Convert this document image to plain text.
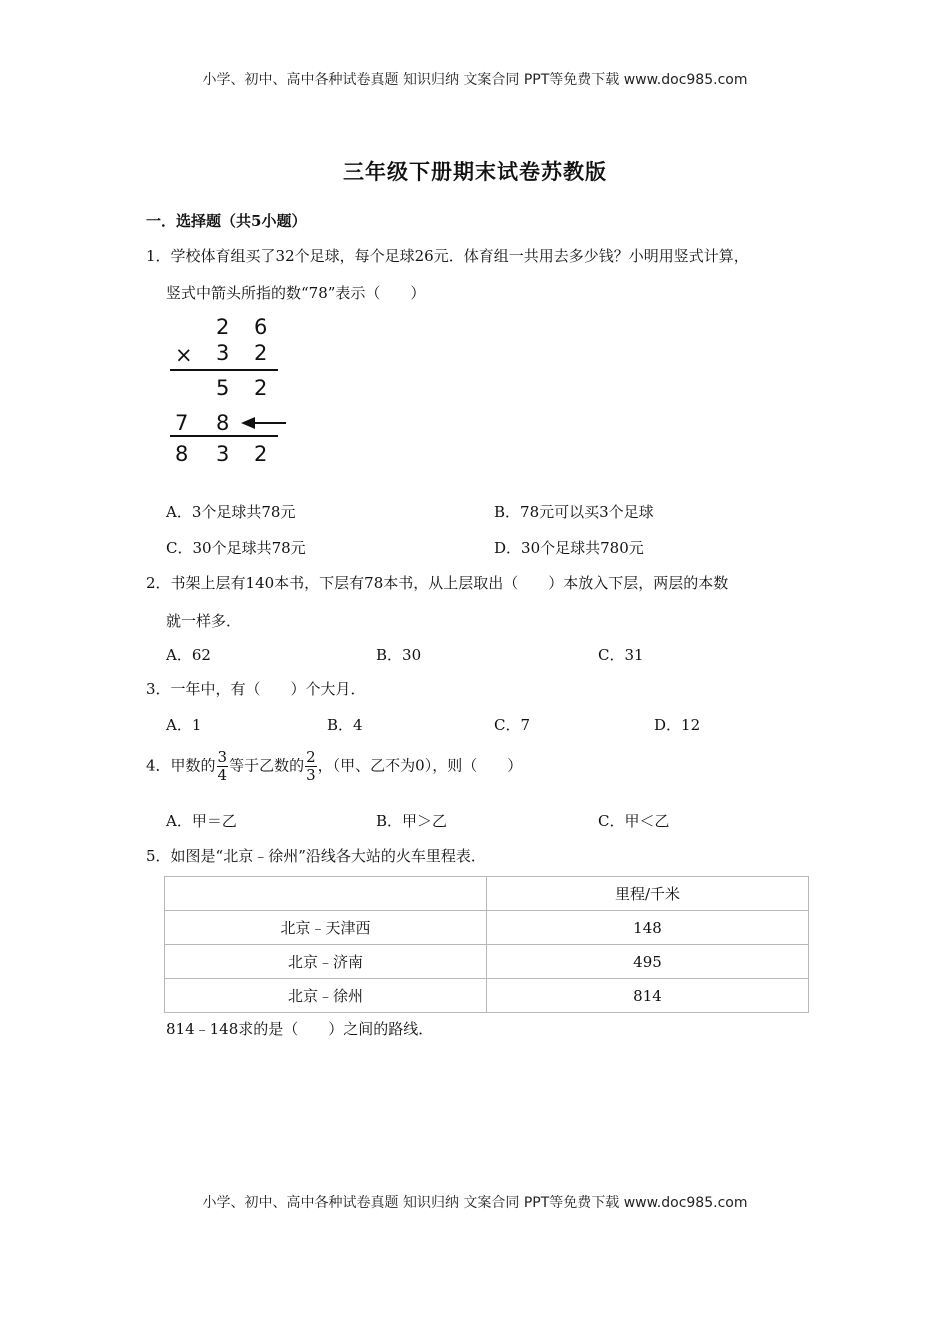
小学、初中、高中各种试卷真题 知识归纳 文案合同 PPT等免费下载 www.doc985.com
三年级下册期末试卷苏教版
一．选择题（共5小题）
1．学校体育组买了32个足球，每个足球26元．体育组一共用去多少钱？小明用竖式计算，
竖式中箭头所指的数“78”表示（　　）
2 6
× 3 2
5 2
7 8
8 3 2
A．3个足球共78元	B．78元可以买3个足球
C．30个足球共78元	D．30个足球共780元
2．书架上层有140本书，下层有78本书，从上层取出（　　）本放入下层，两层的本数
就一样多．
A．62	B．30	C．31
3．一年中，有（　　）个大月．
A．1	B．4	C．7	D．12
4．甲数的 $\frac{3}{4}$ 等于乙数的 $\frac{2}{3}$ ，（甲、乙不为0），则（　　）
A．甲＝乙	B．甲＞乙	C．甲＜乙
5．如图是“北京﹣徐州”沿线各大站的火车里程表．
	里程/千米
北京﹣天津西	148
北京﹣济南	495
北京﹣徐州	814
814﹣148求的是（　　）之间的路线．
小学、初中、高中各种试卷真题 知识归纳 文案合同 PPT等免费下载 www.doc985.com
